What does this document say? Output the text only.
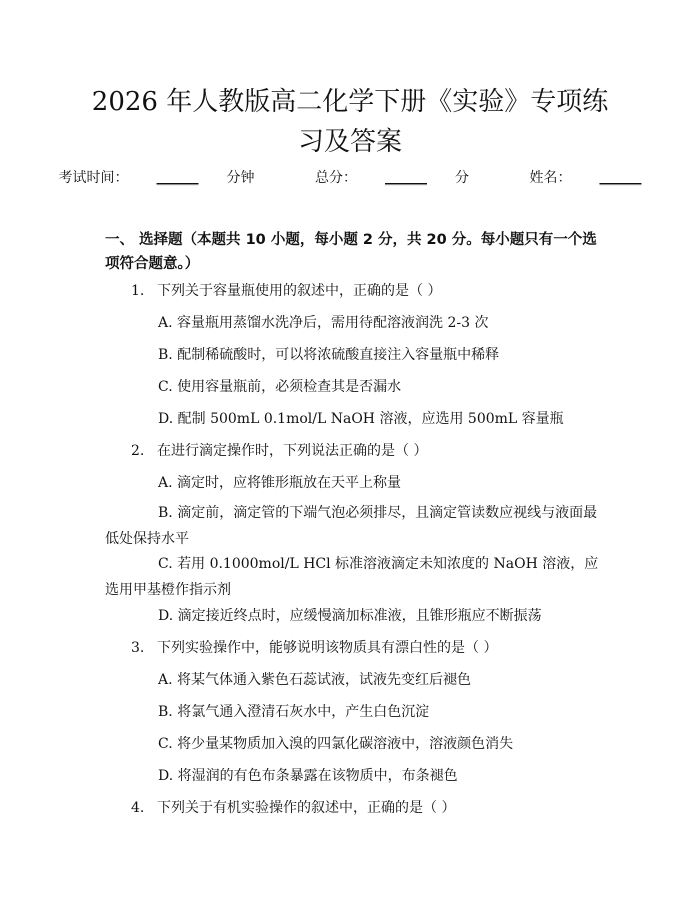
2026 年人教版高二化学下册《实验》专项练习及答案
考试时间： ______ 分钟	总分： ______ 分	姓名： ______
一、 选择题（本题共 10 小题，每小题 2 分，共 20 分。每小题只有一个选项符合题意。）
1. 下列关于容量瓶使用的叙述中，正确的是（ ）
A. 容量瓶用蒸馏水洗净后，需用待配溶液润洗 2-3 次
B. 配制稀硫酸时，可以将浓硫酸直接注入容量瓶中稀释
C. 使用容量瓶前，必须检查其是否漏水
D. 配制 500mL 0.1mol/L NaOH 溶液，应选用 500mL 容量瓶
2. 在进行滴定操作时，下列说法正确的是（ ）
A. 滴定时，应将锥形瓶放在天平上称量
B. 滴定前，滴定管的下端气泡必须排尽，且滴定管读数应视线与液面最低处保持水平
C. 若用 0.1000mol/L HCl 标准溶液滴定未知浓度的 NaOH 溶液，应选用甲基橙作指示剂
D. 滴定接近终点时，应缓慢滴加标准液，且锥形瓶应不断振荡
3. 下列实验操作中，能够说明该物质具有漂白性的是（ ）
A. 将某气体通入紫色石蕊试液，试液先变红后褪色
B. 将氯气通入澄清石灰水中，产生白色沉淀
C. 将少量某物质加入溴的四氯化碳溶液中，溶液颜色消失
D. 将湿润的有色布条暴露在该物质中，布条褪色
4. 下列关于有机实验操作的叙述中，正确的是（ ）
